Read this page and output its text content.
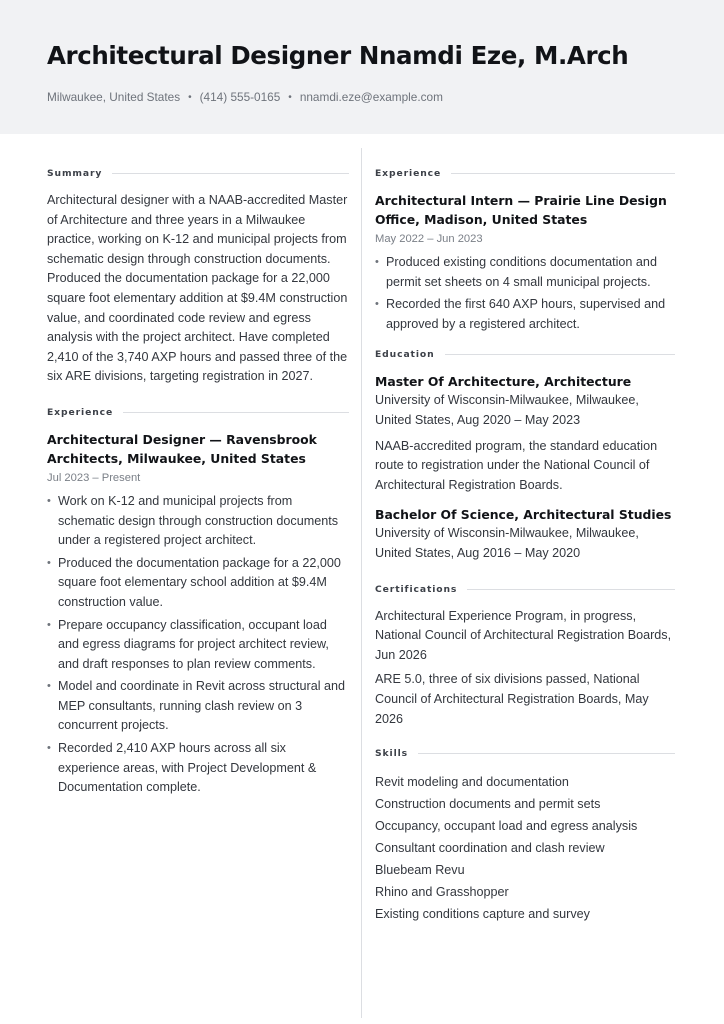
Architectural Designer Nnamdi Eze, M.Arch
Milwaukee, United States • (414) 555-0165 • nnamdi.eze@example.com
Summary

Architectural designer with a NAAB-accredited Master of Architecture and three years in a Milwaukee practice, working on K-12 and municipal projects from schematic design through construction documents. Produced the documentation package for a 22,000 square foot elementary addition at $9.4M construction value, and coordinated code review and egress analysis with the project architect. Have completed 2,410 of the 3,740 AXP hours and passed three of the six ARE divisions, targeting registration in 2027.

Experience

Architectural Designer — Ravensbrook Architects, Milwaukee, United States

Jul 2023 – Present
• Work on K-12 and municipal projects from schematic design through construction documents under a registered project architect.
• Produced the documentation package for a 22,000 square foot elementary school addition at $9.4M construction value.
• Prepare occupancy classification, occupant load and egress diagrams for project architect review, and draft responses to plan review comments.
• Model and coordinate in Revit across structural and MEP consultants, running clash review on 3 concurrent projects.
• Recorded 2,410 AXP hours across all six experience areas, with Project Development & Documentation complete.
Experience

Architectural Intern — Prairie Line Design Office, Madison, United States

May 2022 – Jun 2023
• Produced existing conditions documentation and permit set sheets on 4 small municipal projects.
• Recorded the first 640 AXP hours, supervised and approved by a registered architect.
Education

Master Of Architecture, Architecture

University of Wisconsin-Milwaukee, Milwaukee, United States, Aug 2020 – May 2023

NAAB-accredited program, the standard education route to registration under the National Council of Architectural Registration Boards.

Bachelor Of Science, Architectural Studies

University of Wisconsin-Milwaukee, Milwaukee, United States, Aug 2016 – May 2020

Certifications

Architectural Experience Program, in progress, National Council of Architectural Registration Boards, Jun 2026

ARE 5.0, three of six divisions passed, National Council of Architectural Registration Boards, May 2026

Skills
Revit modeling and documentation
Construction documents and permit sets
Occupancy, occupant load and egress analysis
Consultant coordination and clash review
Bluebeam Revu
Rhino and Grasshopper
Existing conditions capture and survey
